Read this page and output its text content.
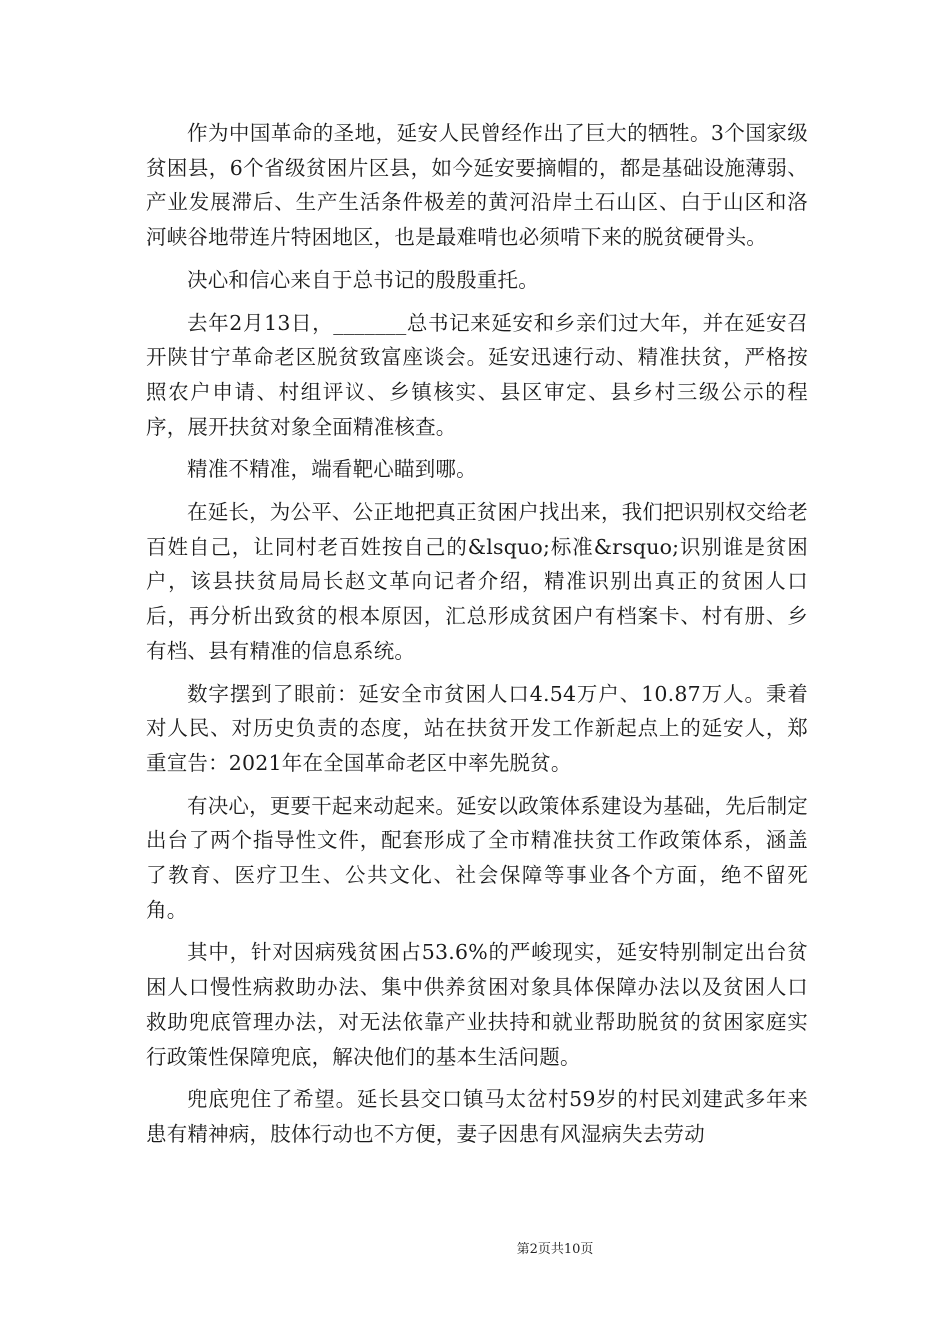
作为中国革命的圣地，延安人民曾经作出了巨大的牺牲。3个国家级贫困县，6个省级贫困片区县，如今延安要摘帽的，都是基础设施薄弱、产业发展滞后、生产生活条件极差的黄河沿岸土石山区、白于山区和洛河峡谷地带连片特困地区，也是最难啃也必须啃下来的脱贫硬骨头。

决心和信心来自于总书记的殷殷重托。

去年2月13日，_______总书记来延安和乡亲们过大年，并在延安召开陕甘宁革命老区脱贫致富座谈会。延安迅速行动、精准扶贫，严格按照农户申请、村组评议、乡镇核实、县区审定、县乡村三级公示的程序，展开扶贫对象全面精准核查。

精准不精准，端看靶心瞄到哪。

在延长，为公平、公正地把真正贫困户找出来，我们把识别权交给老百姓自己，让同村老百姓按自己的&lsquo;标准&rsquo;识别谁是贫困户，该县扶贫局局长赵文革向记者介绍，精准识别出真正的贫困人口后，再分析出致贫的根本原因，汇总形成贫困户有档案卡、村有册、乡有档、县有精准的信息系统。

数字摆到了眼前：延安全市贫困人口4.54万户、10.87万人。秉着对人民、对历史负责的态度，站在扶贫开发工作新起点上的延安人，郑重宣告：2021年在全国革命老区中率先脱贫。

有决心，更要干起来动起来。延安以政策体系建设为基础，先后制定出台了两个指导性文件，配套形成了全市精准扶贫工作政策体系，涵盖了教育、医疗卫生、公共文化、社会保障等事业各个方面，绝不留死角。

其中，针对因病残贫困占53.6%的严峻现实，延安特别制定出台贫困人口慢性病救助办法、集中供养贫困对象具体保障办法以及贫困人口救助兜底管理办法，对无法依靠产业扶持和就业帮助脱贫的贫困家庭实行政策性保障兜底，解决他们的基本生活问题。

兜底兜住了希望。延长县交口镇马太岔村59岁的村民刘建武多年来患有精神病，肢体行动也不方便，妻子因患有风湿病失去劳动

第2页共10页
